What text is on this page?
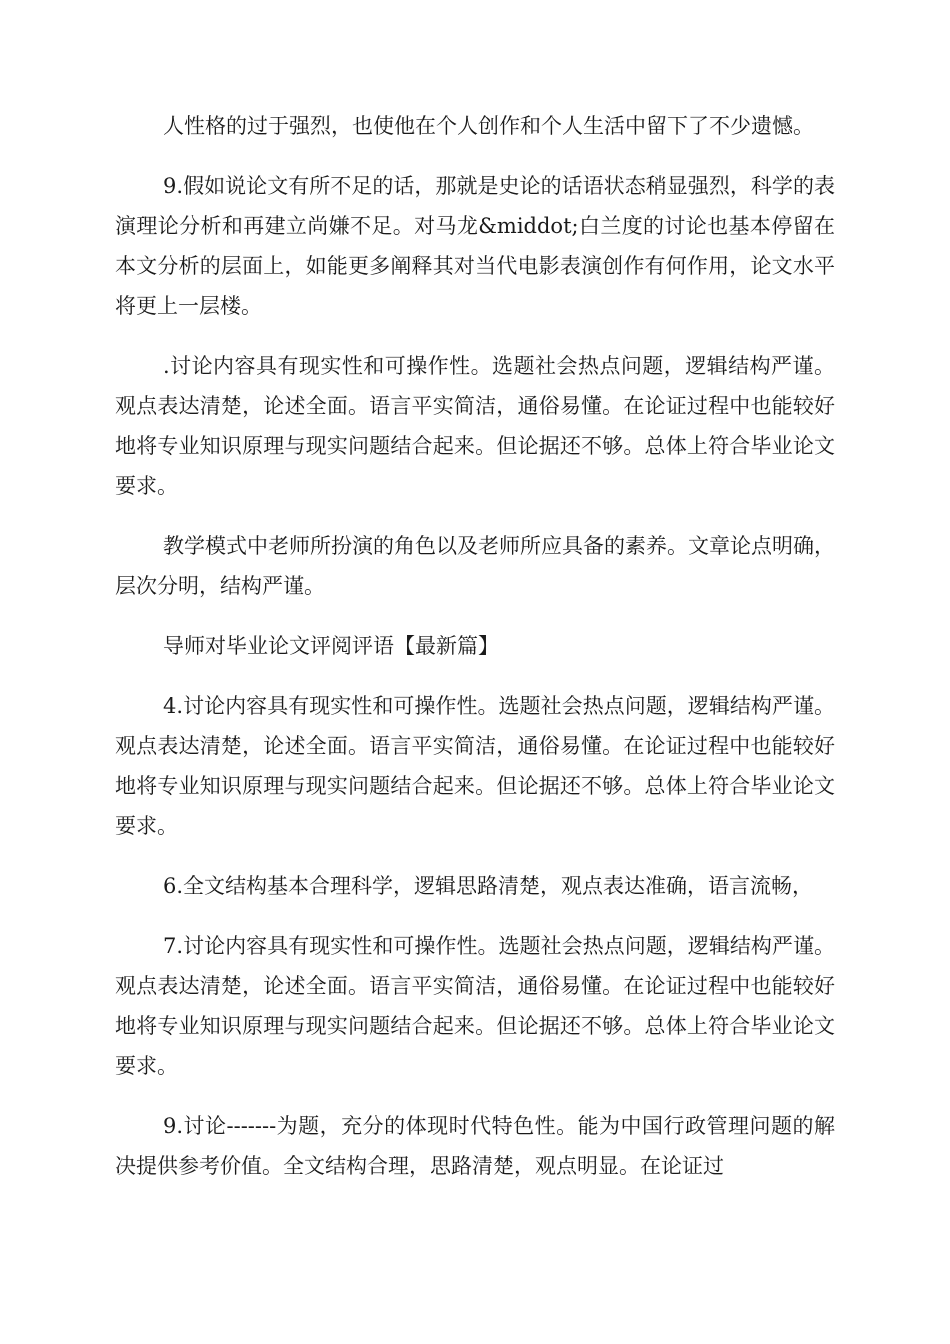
人性格的过于强烈，也使他在个人创作和个人生活中留下了不少遗憾。

9.假如说论文有所不足的话，那就是史论的话语状态稍显强烈，科学的表演理论分析和再建立尚嫌不足。对马龙&middot;白兰度的讨论也基本停留在本文分析的层面上，如能更多阐释其对当代电影表演创作有何作用，论文水平将更上一层楼。

.讨论内容具有现实性和可操作性。选题社会热点问题，逻辑结构严谨。观点表达清楚，论述全面。语言平实简洁，通俗易懂。在论证过程中也能较好地将专业知识原理与现实问题结合起来。但论据还不够。总体上符合毕业论文要求。

教学模式中老师所扮演的角色以及老师所应具备的素养。文章论点明确，层次分明，结构严谨。

导师对毕业论文评阅评语【最新篇】

4.讨论内容具有现实性和可操作性。选题社会热点问题，逻辑结构严谨。观点表达清楚，论述全面。语言平实简洁，通俗易懂。在论证过程中也能较好地将专业知识原理与现实问题结合起来。但论据还不够。总体上符合毕业论文要求。

6.全文结构基本合理科学，逻辑思路清楚，观点表达准确，语言流畅，

7.讨论内容具有现实性和可操作性。选题社会热点问题，逻辑结构严谨。观点表达清楚，论述全面。语言平实简洁，通俗易懂。在论证过程中也能较好地将专业知识原理与现实问题结合起来。但论据还不够。总体上符合毕业论文要求。

9.讨论-------为题，充分的体现时代特色性。能为中国行政管理问题的解决提供参考价值。全文结构合理，思路清楚，观点明显。在论证过
